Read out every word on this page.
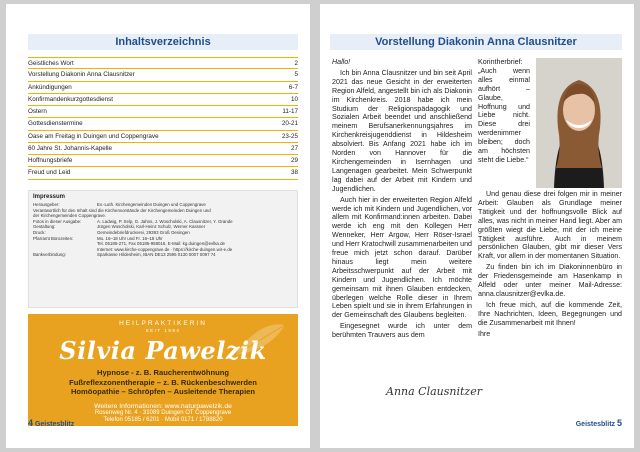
Inhaltsverzeichnis
Geistliches Wort	2
Vorstellung Diakonin Anna Clausnitzer	5
Ankündigungen	6-7
Konfirmandenkurzgottesdienst	10
Ostern	11-17
Gottesdienstermine	20-21
Oase am Freitag in Duingen und Coppengrave	23-25
60 Jahre St. Johannis-Kapelle	27
Hoffnungsbriefe	29
Freud und Leid	38
Impressum
Herausgeber:	Ev.-Luth. Kirchengemeinden Duingen und Coppengrave
Verantwortlich für den Inhalt sind die Kirchenvorstände der Kirchengemeinden Duingen und
der Kirchengemeinden Coppengrave.
Fotos in dieser Ausgabe:	A. Ladwig, P. Selp, G. Jahns, J. Woscholski, A. Clausnitzer, Y. Grande
Gestaltung:	Jürgen Woscholski, Karl-Heinz Schulz, Werner Kassner
Druck:	Gemeindebriefdruckerei, 29393 Groß Oesingen
Pfarramt Bürozeiten:	Mo. 16–18 Uhr und Fr. 16–18 Uhr
Tel. 05185-271, Fax 05185-958016, E-Mail: kg.duingen@evlka.de
Internet: www.kirche-coppengrave.de · https://kirche-duingen.wir-e.de
Bankverbindung:	Sparkasse Hildesheim, IBAN DE13 2595 0130 0007 0097 74
HEILPRAKTIKERIN
SEIT 1994
Silvia Pawelzik
Hypnose - z. B. Raucherentwöhnung
Fußreflexzonentherapie – z. B. Rückenbeschwerden
Homöopathie – Schröpfen – Ausleitende Therapien
Weitere Informationen: www.naturpawelzik.de
Rosenweg Nr. 4 · 31089 Duingen OT Coppengrave
Telefon 05185 / 6201 · Mobil 0171 / 1788820
4 Geistesblitz
Vorstellung Diakonin Anna Clausnitzer
Hallo!
Ich bin Anna Clausnitzer und bin seit April 2021 das neue Gesicht in der erweiterten Region Alfeld, angestellt bin ich als Diakonin im Kirchenkreis. 2018 habe ich mein Studium der Religionspädagogik und Sozialen Arbeit beendet und anschließend meinem Berufsanerkennungsjahres im Kirchenkreisjugenddienst in Hildesheim absolviert. Bis Anfang 2021 habe ich im Norden von Hannover für die Kirchengemeinden in Isernhagen und Langenagen gearbeitet. Mein Schwerpunkt lag dabei auf der Arbeit mit Kindern und Jugendlichen.
Auch hier in der erweiterten Region Alfeld werde ich mit Kindern und Jugendlichen, vor allem mit Konfirmand:innen arbeiten. Dabei werde ich eng mit den Kollegen Herr Wenneker, Herr Argow, Herr Röser-Israel und Herr Kratochwill zusammenarbeiten und freue mich jetzt schon darauf. Darüber hinaus liegt mein weitere Arbeitsschwerpunkt auf der Arbeit mit Kindern und Jugendlichen. Ich möchte gemeinsam mit ihnen Glauben entdecken, überlegen welche Rolle dieser in Ihrem Leben spielt und sie in ihrem Erfahrungen in der Gemeinschaft des Glaubens begleiten.
Eingesegnet wurde ich unter dem berühmten Trauvers aus dem
Korintherbrief: „Auch wenn alles einmal aufhört – Glaube, Hoffnung und Liebe nicht. Diese drei werdenimmer bleiben; doch am höchsten steht die Liebe.“
Und genau diese drei folgen mir in meiner Arbeit: Glauben als Grundlage meiner Tätigkeit und der hoffnungsvolle Blick auf alles, was nicht in meiner Hand liegt. Aber am größten wiegt die Liebe, mit der ich meine Tätigkeit ausführe. Auch in meinem persönlichen Glauben, gibt mir dieser Vers Kraft, vor allem in der momentanen Situation.
Zu finden bin ich im Diakoninnenbüro in der Friedensgemeinde am Hasenkamp in Alfeld oder unter meiner Mail-Adresse: anna.clausnitzer@evlka.de.
Ich freue mich, auf die kommende Zeit, Ihre Nachrichten, Ideen, Begegnungen und die Zusammenarbeit mit Ihnen!
Ihre
Anna Clausnitzer
Geistesblitz 5
